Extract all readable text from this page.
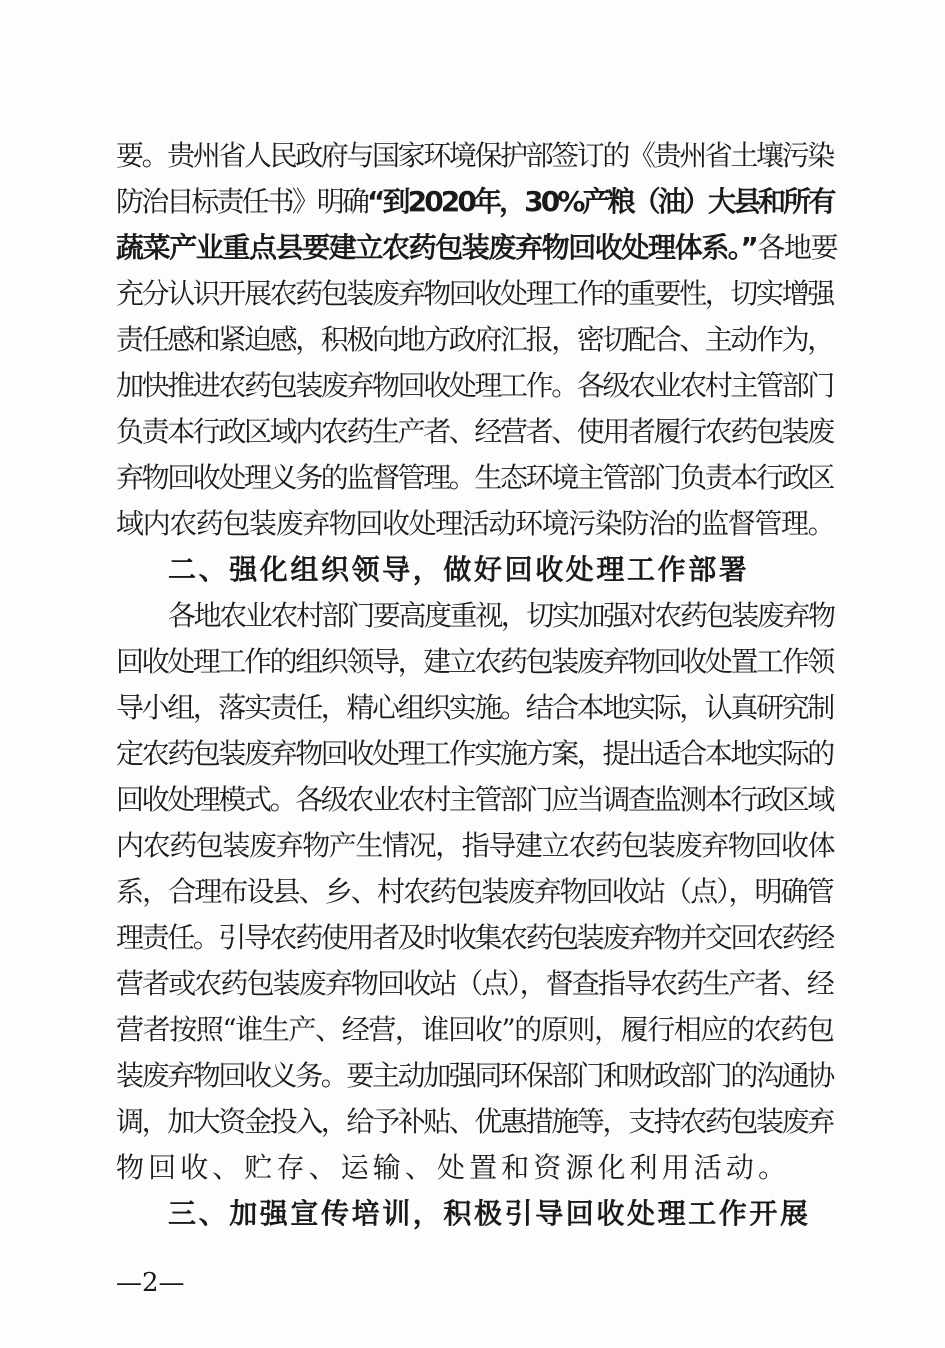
要。贵州省人民政府与国家环境保护部签订的《贵州省土壤污染
防治目标责任书》明确“到2020年，30%产粮（油）大县和所有
蔬菜产业重点县要建立农药包装废弃物回收处理体系。”各地要
充分认识开展农药包装废弃物回收处理工作的重要性，切实增强
责任感和紧迫感，积极向地方政府汇报，密切配合、主动作为，
加快推进农药包装废弃物回收处理工作。各级农业农村主管部门
负责本行政区域内农药生产者、经营者、使用者履行农药包装废
弃物回收处理义务的监督管理。生态环境主管部门负责本行政区
域内农药包装废弃物回收处理活动环境污染防治的监督管理。
二、强化组织领导，做好回收处理工作部署
各地农业农村部门要高度重视，切实加强对农药包装废弃物
回收处理工作的组织领导，建立农药包装废弃物回收处置工作领
导小组，落实责任，精心组织实施。结合本地实际，认真研究制
定农药包装废弃物回收处理工作实施方案，提出适合本地实际的
回收处理模式。各级农业农村主管部门应当调查监测本行政区域
内农药包装废弃物产生情况，指导建立农药包装废弃物回收体
系，合理布设县、乡、村农药包装废弃物回收站（点），明确管
理责任。引导农药使用者及时收集农药包装废弃物并交回农药经
营者或农药包装废弃物回收站（点），督查指导农药生产者、经
营者按照“谁生产、经营，谁回收”的原则，履行相应的农药包
装废弃物回收义务。要主动加强同环保部门和财政部门的沟通协
调，加大资金投入，给予补贴、优惠措施等，支持农药包装废弃
物回收、贮存、运输、处置和资源化利用活动。
三、加强宣传培训，积极引导回收处理工作开展
—2—
